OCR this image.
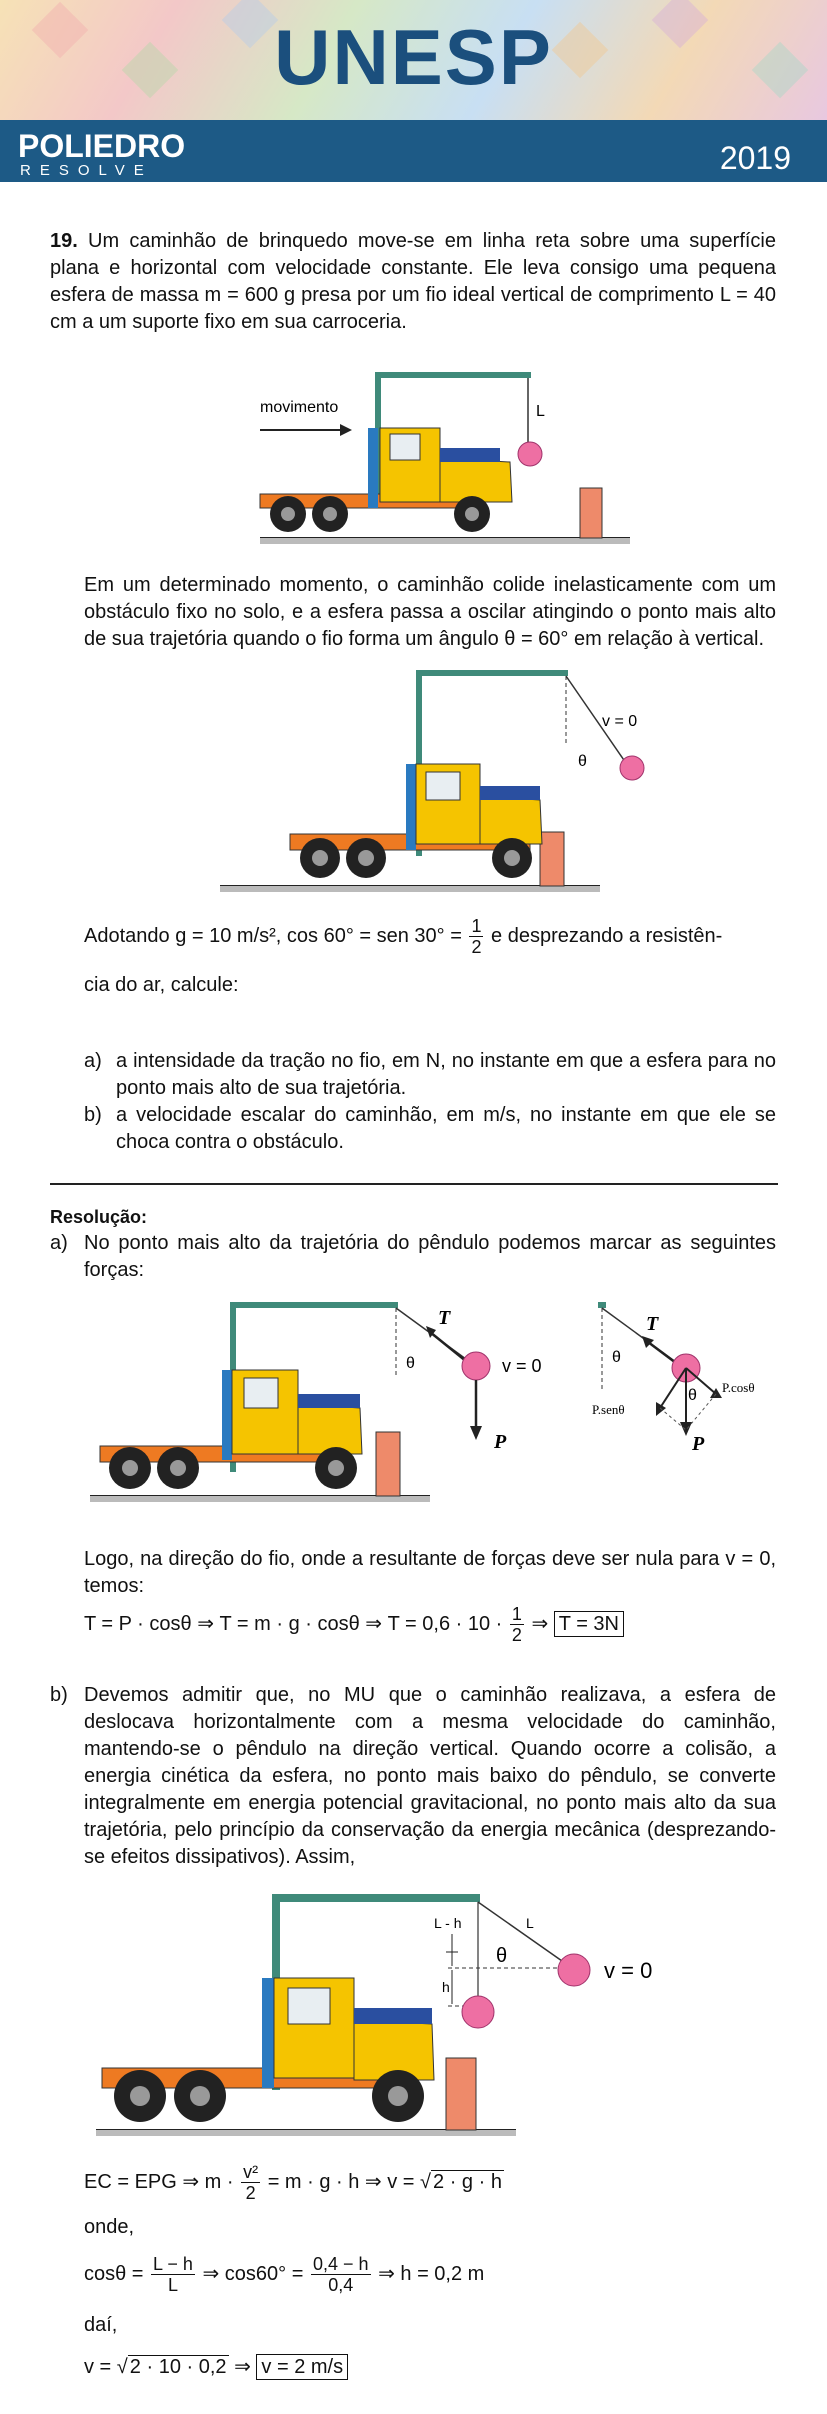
UNESP
POLIEDRO
RESOLVE	2019
19. Um caminhão de brinquedo move-se em linha reta sobre uma superfície plana e horizontal com velocidade constante. Ele leva consigo uma pequena esfera de massa m = 600 g presa por um fio ideal vertical de comprimento L = 40 cm a um suporte fixo em sua carroceria.
L
movimento
Em um determinado momento, o caminhão colide inelasticamente com um obstáculo fixo no solo, e a esfera passa a oscilar atingindo o ponto mais alto de sua trajetória quando o fio forma um ângulo θ = 60° em relação à vertical.
v = 0
θ
Adotando g = 10 m/s², cos 60° = sen $30^\circ = \frac{1}{2}$ e desprezando a resistên-
cia do ar, calcule:
a) a intensidade da tração no fio, em N, no instante em que a esfera para no ponto mais alto de sua trajetória.
b) a velocidade escalar do caminhão, em m/s, no instante em que ele se choca contra o obstáculo.
Resolução:
a) No ponto mais alto da trajetória do pêndulo podemos marcar as seguintes forças:
T
θ	v = 0
P
T
θ
θ
P.senθ
P.cosθ
P
Logo, na direção do fio, onde a resultante de forças deve ser nula para v = 0, temos:
T = P · cosθ ⇒ T = m · g · cosθ ⇒ $T = 0,6 \cdot 10 \cdot \frac{1}{2}$ ⇒ T = 3N
b) Devemos admitir que, no MU que o caminhão realizava, a esfera de deslocava horizontalmente com a mesma velocidade do caminhão, mantendo-se o pêndulo na direção vertical. Quando ocorre a colisão, a energia cinética da esfera, no ponto mais baixo do pêndulo, se converte integralmente em energia potencial gravitacional, no ponto mais alto da sua trajetória, pelo princípio da conservação da energia mecânica (desprezando-se efeitos dissipativos). Assim,
L - h	L
θ
h
v = 0
EC = EPG ⇒ $m \cdot \frac{\text{v²}}{2} = m \cdot g \cdot h$ ⇒ v = √ 2 · g · h
onde,
$\cos\theta = \frac{L - h}{L}$ ⇒ $\cos 60^\circ = \frac{0,4 - h}{0,4}$ ⇒ h = 0,2 m
daí,
v = √ 2 · 10 · 0,2 ⇒ v = 2 m/s
